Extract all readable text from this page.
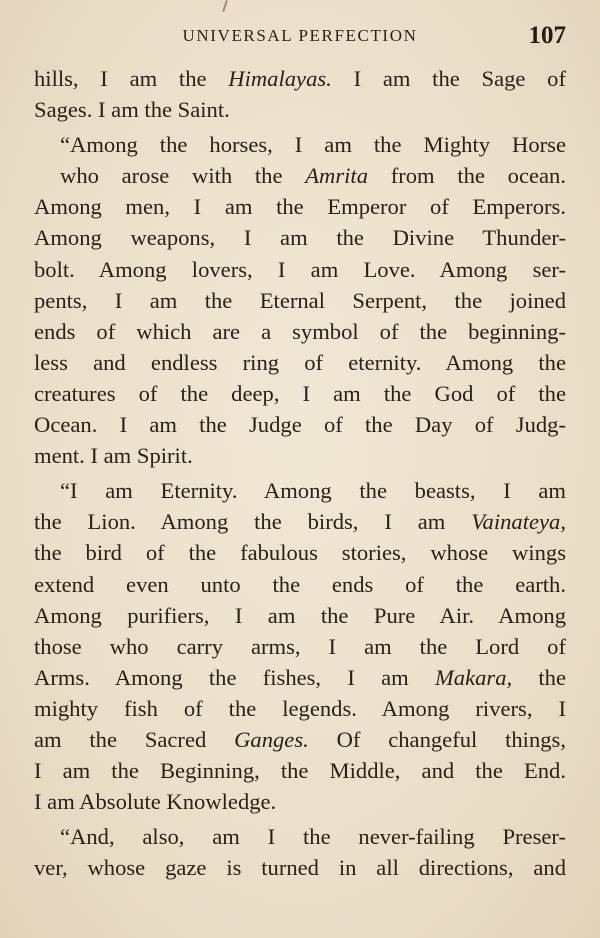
UNIVERSAL PERFECTION	107

hills, I am the Himalayas. I am the Sage of
Sages. I am the Saint.

“Among the horses, I am the Mighty Horse
who arose with the Amrita from the ocean.
Among men, I am the Emperor of Emperors.
Among weapons, I am the Divine Thunder-
bolt. Among lovers, I am Love. Among ser-
pents, I am the Eternal Serpent, the joined
ends of which are a symbol of the beginning-
less and endless ring of eternity. Among the
creatures of the deep, I am the God of the
Ocean. I am the Judge of the Day of Judg-
ment. I am Spirit.

“I am Eternity. Among the beasts, I am
the Lion. Among the birds, I am Vainateya,
the bird of the fabulous stories, whose wings
extend even unto the ends of the earth.
Among purifiers, I am the Pure Air. Among
those who carry arms, I am the Lord of
Arms. Among the fishes, I am Makara, the
mighty fish of the legends. Among rivers, I
am the Sacred Ganges. Of changeful things,
I am the Beginning, the Middle, and the End.
I am Absolute Knowledge.

“And, also, am I the never-failing Preser-
ver, whose gaze is turned in all directions, and
